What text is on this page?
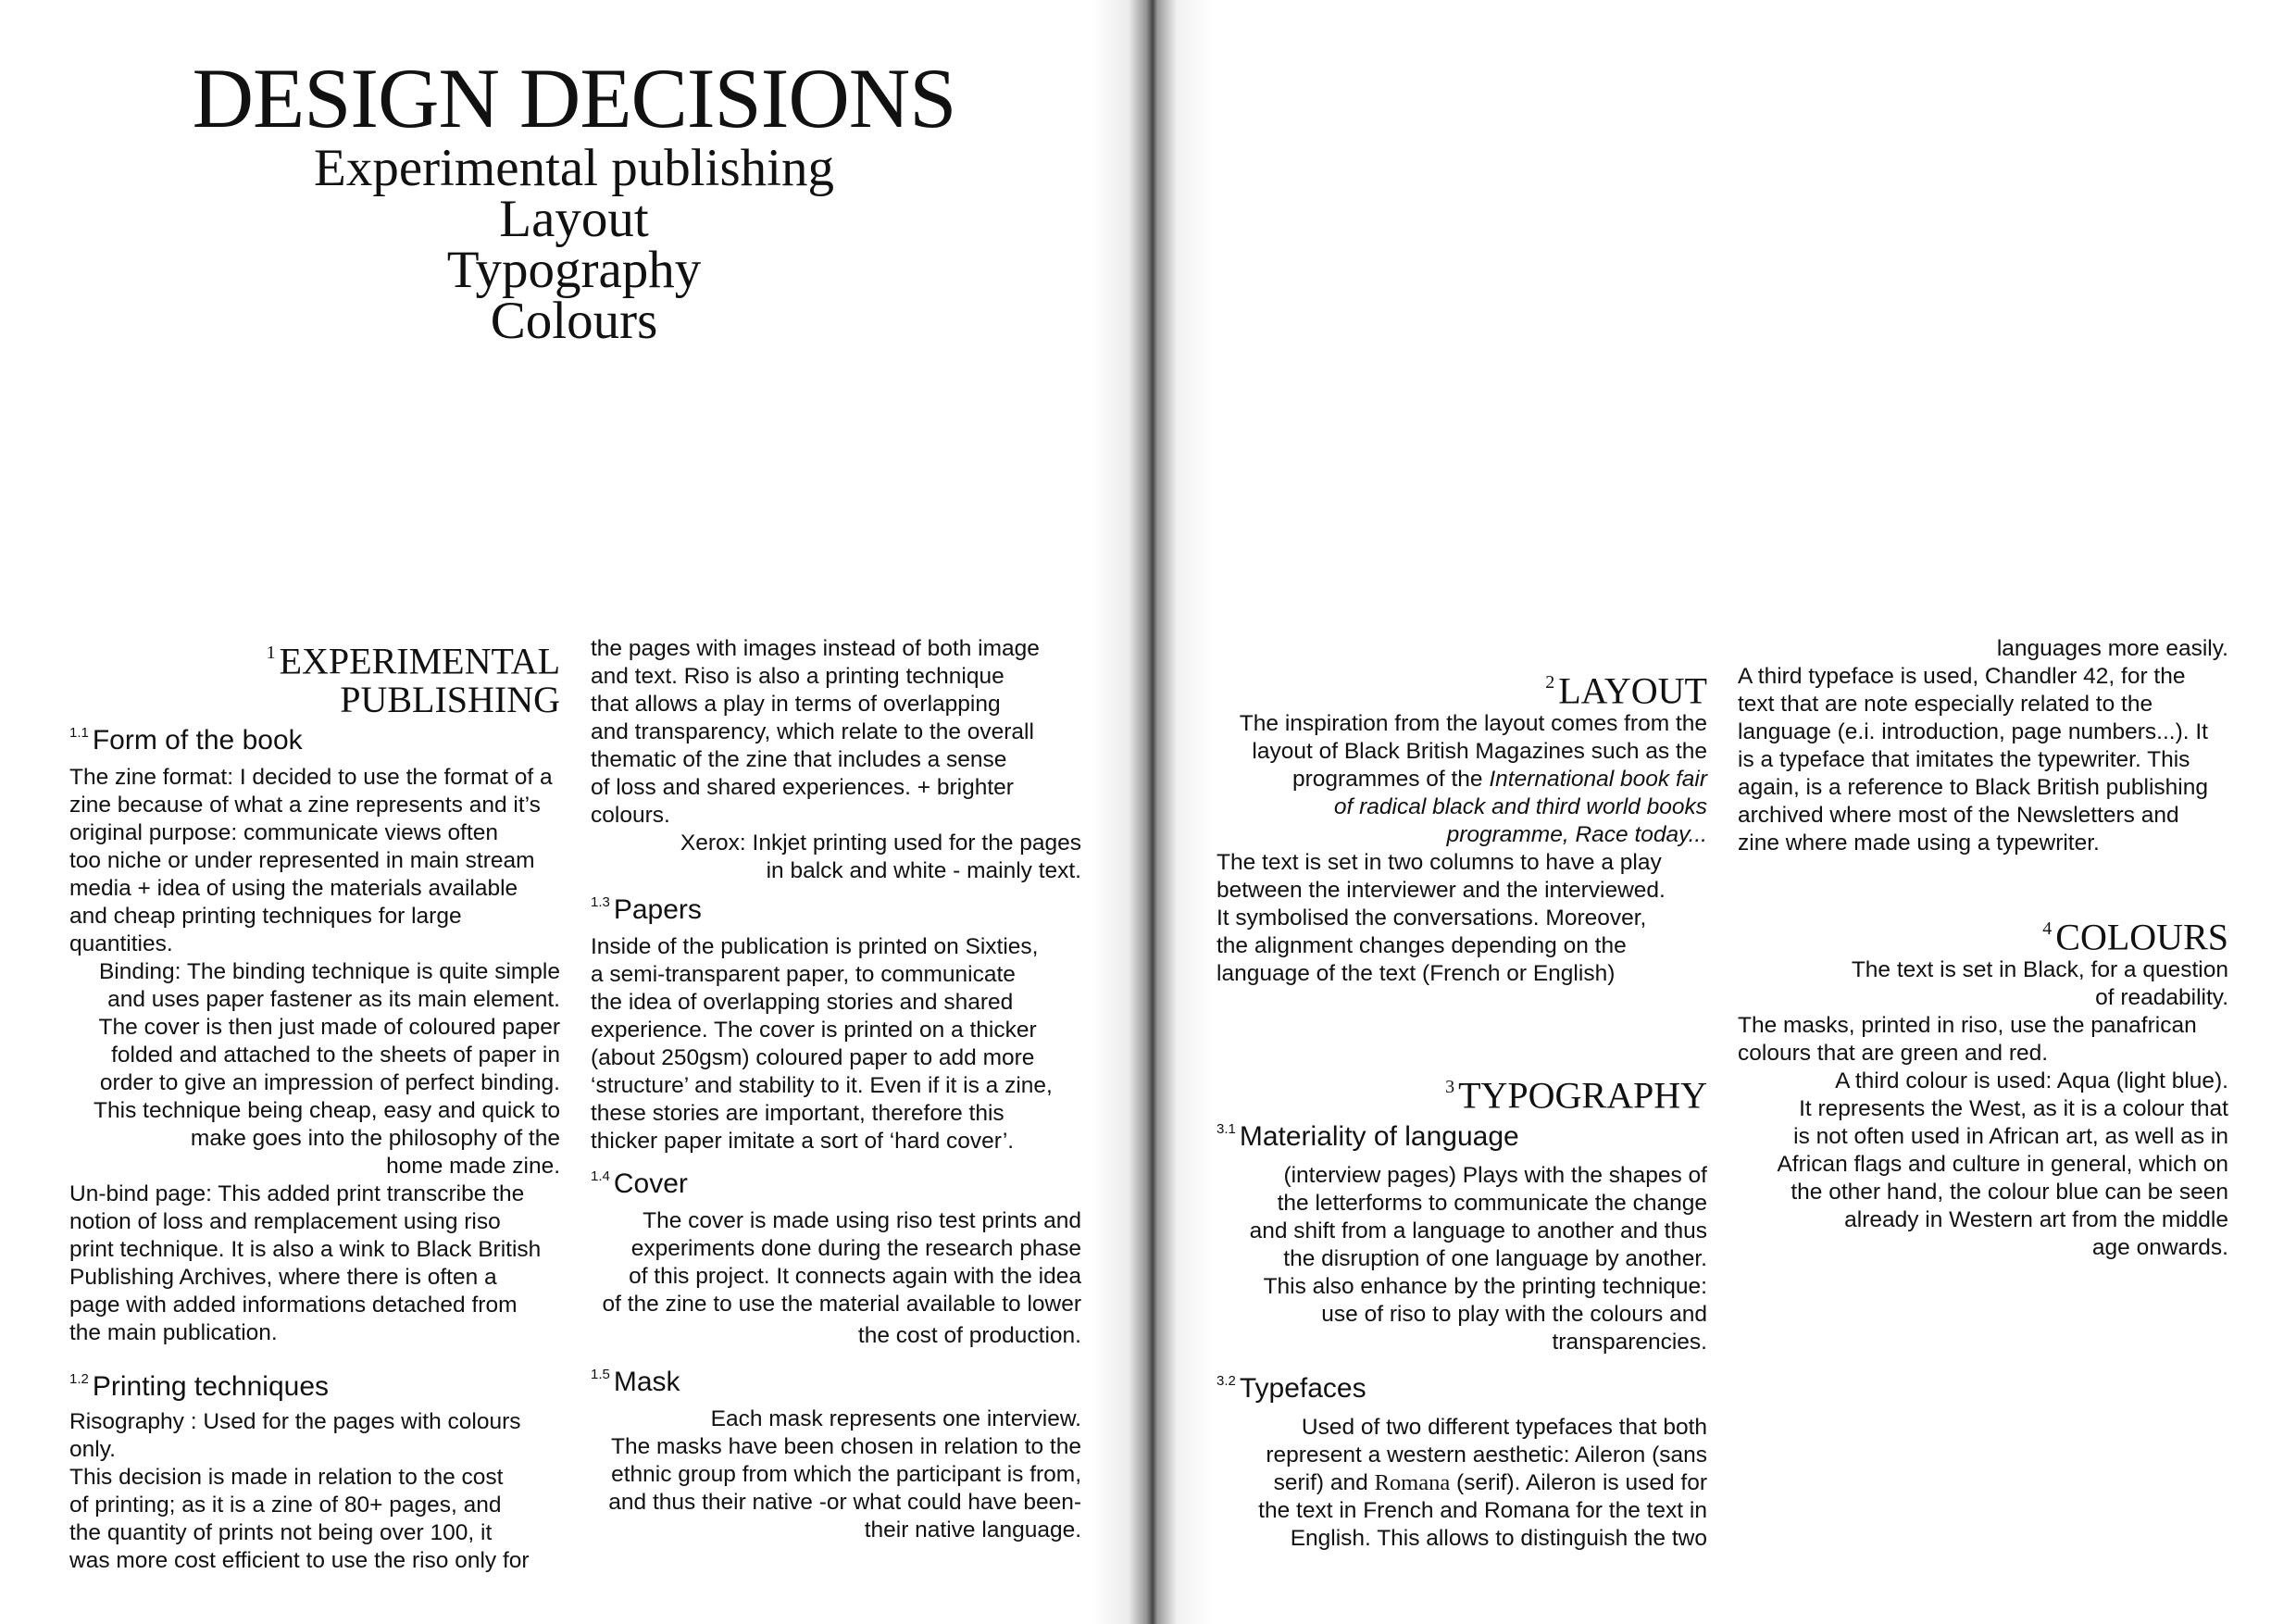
DESIGN DECISIONS
Experimental publishing
Layout
Typography
Colours
$^1$ EXPERIMENTAL PUBLISHING
$^{1.1}$ Form of the book

The zine format: I decided to use the format of a

zine because of what a zine represents and it’s

original purpose: communicate views often

too niche or under represented in main stream

media + idea of using the materials available

and cheap printing techniques for large

quantities.

Binding: The binding technique is quite simple

and uses paper fastener as its main element.

The cover is then just made of coloured paper

folded and attached to the sheets of paper in

order to give an impression of perfect binding.

This technique being cheap, easy and quick to

make goes into the philosophy of the

home made zine.

Un-bind page: This added print transcribe the

notion of loss and remplacement using riso

print technique. It is also a wink to Black British

Publishing Archives, where there is often a

page with added informations detached from

the main publication.

$^{1.2}$ Printing techniques

Risography : Used for the pages with colours

only.

This decision is made in relation to the cost

of printing; as it is a zine of 80+ pages, and

the quantity of prints not being over 100, it

was more cost efficient to use the riso only for

the pages with images instead of both image

and text. Riso is also a printing technique

that allows a play in terms of overlapping

and transparency, which relate to the overall

thematic of the zine that includes a sense

of loss and shared experiences. + brighter

colours.

Xerox: Inkjet printing used for the pages

in balck and white - mainly text.

$^{1.3}$ Papers

Inside of the publication is printed on Sixties,

a semi-transparent paper, to communicate

the idea of overlapping stories and shared

experience. The cover is printed on a thicker

(about 250gsm) coloured paper to add more

‘structure’ and stability to it. Even if it is a zine,

these stories are important, therefore this

thicker paper imitate a sort of ‘hard cover’.

$^{1.4}$ Cover

The cover is made using riso test prints and

experiments done during the research phase

of this project. It connects again with the idea

of the zine to use the material available to lower

the cost of production.

$^{1.5}$ Mask

Each mask represents one interview.

The masks have been chosen in relation to the

ethnic group from which the participant is from,

and thus their native -or what could have been-

their native language.

$^2$ LAYOUT

The inspiration from the layout comes from the

layout of Black British Magazines such as the

programmes of the International book fair

of radical black and third world books

programme, Race today...

The text is set in two columns to have a play

between the interviewer and the interviewed.

It symbolised the conversations. Moreover,

the alignment changes depending on the

language of the text (French or English)

$^3$ TYPOGRAPHY
$^{3.1}$ Materiality of language

(interview pages) Plays with the shapes of

the letterforms to communicate the change

and shift from a language to another and thus

the disruption of one language by another.

This also enhance by the printing technique:

use of riso to play with the colours and

transparencies.

$^{3.2}$ Typefaces

Used of two different typefaces that both

represent a western aesthetic: Aileron (sans

serif) and Romana (serif). Aileron is used for

the text in French and Romana for the text in

English. This allows to distinguish the two

languages more easily.

A third typeface is used, Chandler 42, for the

text that are note especially related to the

language (e.i. introduction, page numbers...). It

is a typeface that imitates the typewriter. This

again, is a reference to Black British publishing

archived where most of the Newsletters and

zine where made using a typewriter.

$^4$ COLOURS

The text is set in Black, for a question

of readability.

The masks, printed in riso, use the panafrican

colours that are green and red.

A third colour is used: Aqua (light blue).

It represents the West, as it is a colour that

is not often used in African art, as well as in

African flags and culture in general, which on

the other hand, the colour blue can be seen

already in Western art from the middle

age onwards.
